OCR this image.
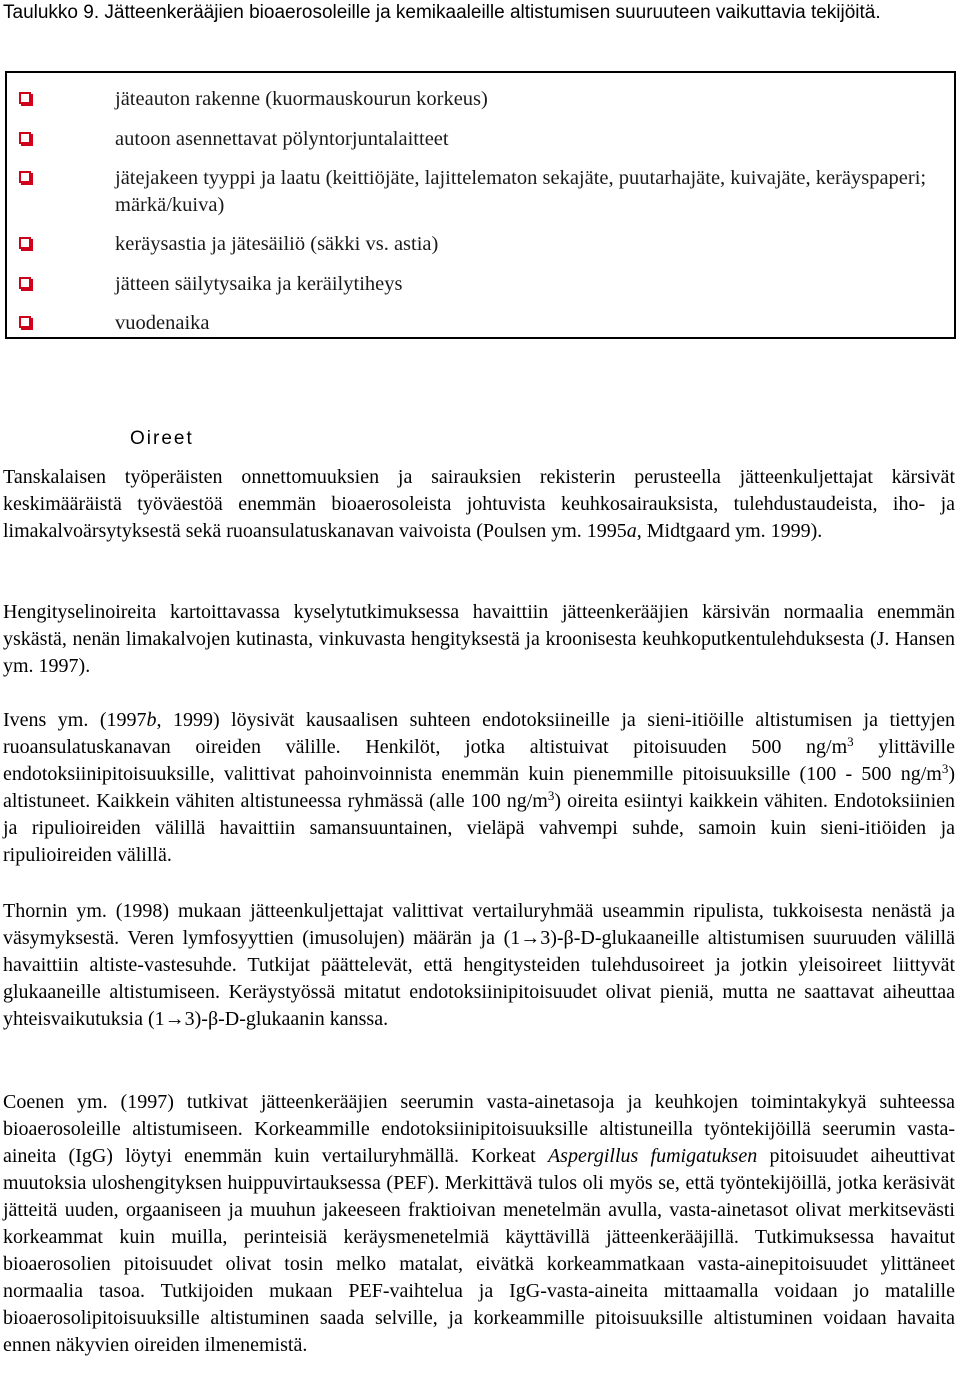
Taulukko 9. Jätteenkerääjien bioaerosoleille ja kemikaaleille altistumisen suuruuteen vaikuttavia tekijöitä.
jäteauton rakenne (kuormauskourun korkeus)
autoon asennettavat pölyntorjuntalaitteet
jätejakeen tyyppi ja laatu (keittiöjäte, lajittelematon sekajäte, puutarhajäte, kuivajäte, keräyspaperi; märkä/kuiva)
keräysastia ja jätesäiliö (säkki vs. astia)
jätteen säilytysaika ja keräilytiheys
vuodenaika
Oireet

Tanskalaisen työperäisten onnettomuuksien ja sairauksien rekisterin perusteella jätteenkuljettajat kärsivät keskimääräistä työväestöä enemmän bioaerosoleista johtuvista keuhkosairauksista, tulehdustaudeista, iho- ja limakalvoärsytyksestä sekä ruoansulatuskanavan vaivoista (Poulsen ym. 1995a, Midtgaard ym. 1999).

Hengityselinoireita kartoittavassa kyselytutkimuksessa havaittiin jätteenkerääjien kärsivän normaalia enemmän yskästä, nenän limakalvojen kutinasta, vinkuvasta hengityksestä ja kroonisesta keuhkoputkentulehduksesta (J. Hansen ym. 1997).

Ivens ym. (1997b, 1999) löysivät kausaalisen suhteen endotoksiineille ja sieni-itiöille altistumisen ja tiettyjen ruoansulatuskanavan oireiden välille. Henkilöt, jotka altistuivat pitoisuuden 500 $ng/m^3$ ylittäville endotoksiinipitoisuuksille, valittivat pahoinvoinnista enemmän kuin pienemmille pitoisuuksille (100 - 500 $ng/m^3$) altistuneet. Kaikkein vähiten altistuneessa ryhmässä (alle 100 $ng/m^3$) oireita esiintyi kaikkein vähiten. Endotoksiinien ja ripulioireiden välillä havaittiin samansuuntainen, vieläpä vahvempi suhde, samoin kuin sieni-itiöiden ja ripulioireiden välillä.

Thornin ym. (1998) mukaan jätteenkuljettajat valittivat vertailuryhmää useammin ripulista, tukkoisesta nenästä ja väsymyksestä. Veren lymfosyyttien (imusolujen) määrän ja (1→3)-β-D-glukaaneille altistumisen suuruuden välillä havaittiin altiste-vastesuhde. Tutkijat päättelevät, että hengitysteiden tulehdusoireet ja jotkin yleisoireet liittyvät glukaaneille altistumiseen. Keräystyössä mitatut endotoksiinipitoisuudet olivat pieniä, mutta ne saattavat aiheuttaa yhteisvaikutuksia (1→3)-β-D-glukaanin kanssa.

Coenen ym. (1997) tutkivat jätteenkerääjien seerumin vasta-ainetasoja ja keuhkojen toimintakykyä suhteessa bioaerosoleille altistumiseen. Korkeammille endotoksiinipitoisuuksille altistuneilla työntekijöillä seerumin vasta-aineita (IgG) löytyi enemmän kuin vertailuryhmällä. Korkeat Aspergillus fumigatuksen pitoisuudet aiheuttivat muutoksia uloshengityksen huippuvirtauksessa (PEF). Merkittävä tulos oli myös se, että työntekijöillä, jotka keräsivät jätteitä uuden, orgaaniseen ja muuhun jakeeseen fraktioivan menetelmän avulla, vasta-ainetasot olivat merkitsevästi korkeammat kuin muilla, perinteisiä keräysmenetelmiä käyttävillä jätteenkerääjillä. Tutkimuksessa havaitut bioaerosolien pitoisuudet olivat tosin melko matalat, eivätkä korkeammatkaan vasta-ainepitoisuudet ylittäneet normaalia tasoa. Tutkijoiden mukaan PEF-vaihtelua ja IgG-vasta-aineita mittaamalla voidaan jo matalille bioaerosolipitoisuuksille altistuminen saada selville, ja korkeammille pitoisuuksille altistuminen voidaan havaita ennen näkyvien oireiden ilmenemistä.
